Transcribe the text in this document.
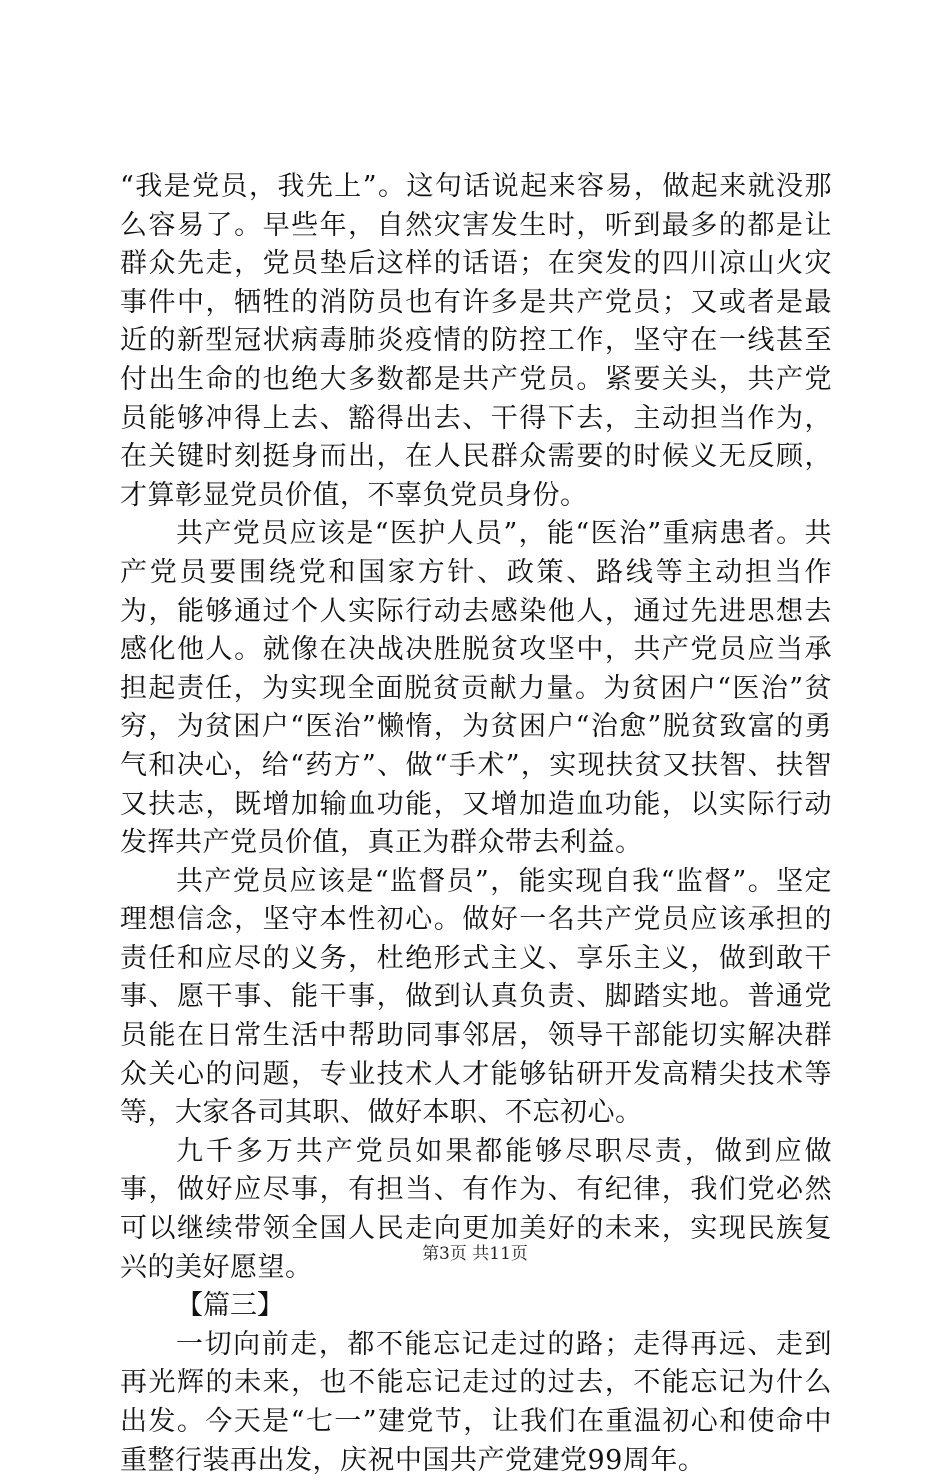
“我是党员，我先上”。这句话说起来容易，做起来就没那么容易了。早些年，自然灾害发生时，听到最多的都是让群众先走，党员垫后这样的话语；在突发的四川凉山火灾事件中，牺牲的消防员也有许多是共产党员；又或者是最近的新型冠状病毒肺炎疫情的防控工作，坚守在一线甚至付出生命的也绝大多数都是共产党员。紧要关头，共产党员能够冲得上去、豁得出去、干得下去，主动担当作为，在关键时刻挺身而出，在人民群众需要的时候义无反顾，才算彰显党员价值，不辜负党员身份。

共产党员应该是“医护人员”，能“医治”重病患者。共产党员要围绕党和国家方针、政策、路线等主动担当作为，能够通过个人实际行动去感染他人，通过先进思想去感化他人。就像在决战决胜脱贫攻坚中，共产党员应当承担起责任，为实现全面脱贫贡献力量。为贫困户“医治”贫穷，为贫困户“医治”懒惰，为贫困户“治愈”脱贫致富的勇气和决心，给“药方”、做“手术”，实现扶贫又扶智、扶智又扶志，既增加输血功能，又增加造血功能，以实际行动发挥共产党员价值，真正为群众带去利益。

共产党员应该是“监督员”，能实现自我“监督”。坚定理想信念，坚守本性初心。做好一名共产党员应该承担的责任和应尽的义务，杜绝形式主义、享乐主义，做到敢干事、愿干事、能干事，做到认真负责、脚踏实地。普通党员能在日常生活中帮助同事邻居，领导干部能切实解决群众关心的问题，专业技术人才能够钻研开发高精尖技术等等，大家各司其职、做好本职、不忘初心。

九千多万共产党员如果都能够尽职尽责，做到应做事，做好应尽事，有担当、有作为、有纪律，我们党必然可以继续带领全国人民走向更加美好的未来，实现民族复兴的美好愿望。

【篇三】

一切向前走，都不能忘记走过的路；走得再远、走到再光辉的未来，也不能忘记走过的过去，不能忘记为什么出发。今天是“七一”建党节，让我们在重温初心和使命中重整行装再出发，庆祝中国共产党建党99周年。

第3页 共11页
